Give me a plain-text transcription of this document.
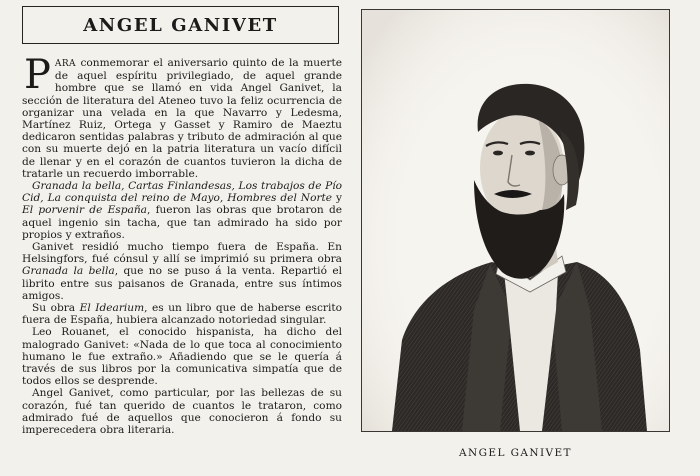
ANGEL GANIVET

PARA conmemorar el aniversario quinto de la muerte de aquel espíritu privilegiado, de aquel grande hombre que se llamó en vida Angel Ganivet, la sección de literatura del Ateneo tuvo la feliz ocurrencia de organizar una velada en la que Navarro y Ledesma, Martínez Ruiz, Ortega y Gasset y Ramiro de Maeztu dedicaron sentidas palabras y tributo de admiración al que con su muerte dejó en la patria literatura un vacío difícil de llenar y en el corazón de cuantos tuvieron la dicha de tratarle un recuerdo imborrable.

Granada la bella, Cartas Finlandesas, Los trabajos de Pío Cid, La conquista del reino de Mayo, Hombres del Norte y El porvenir de España, fueron las obras que brotaron de aquel ingenio sin tacha, que tan admirado ha sido por propios y extraños.

Ganivet residió mucho tiempo fuera de España. En Helsingfors, fué cónsul y allí se imprimió su primera obra Granada la bella, que no se puso á la venta. Repartió el librito entre sus paisanos de Granada, entre sus íntimos amigos.

Su obra El Idearium, es un libro que de haberse escrito fuera de España, hubiera alcanzado notoriedad singular.

Leo Rouanet, el conocido hispanista, ha dicho del malogrado Ganivet: «Nada de lo que toca al conocimiento humano le fue extraño.» Añadiendo que se le quería á través de sus libros por la comunicativa simpatía que de todos ellos se desprende.

Angel Ganivet, como particular, por las bellezas de su corazón, fué tan querido de cuantos le trataron, como admirado fué de aquellos que conocieron á fondo su imperecedera obra literaria.

ANGEL GANIVET
